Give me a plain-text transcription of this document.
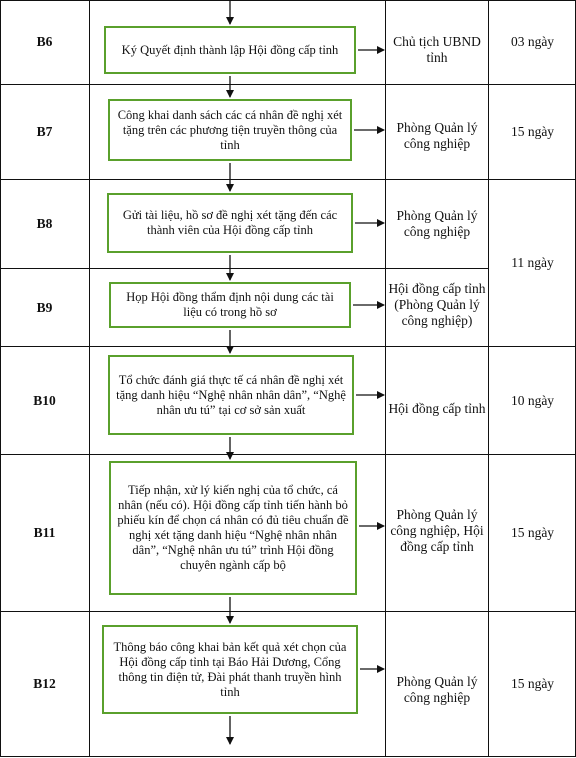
B6
B7
B8
B9
B10
B11
B12
Ký Quyết định thành lập Hội đồng cấp tỉnh
Công khai danh sách các cá nhân đề nghị xét tặng trên các phương tiện truyền thông của tỉnh
Gửi tài liệu, hồ sơ đề nghị xét tặng đến các thành viên của Hội đồng cấp tỉnh
Họp Hội đồng thẩm định nội dung các tài liệu có trong hồ sơ
Tổ chức đánh giá thực tế cá nhân đề nghị xét tặng danh hiệu “Nghệ nhân nhân dân”, “Nghệ nhân ưu tú” tại cơ sở sản xuất
Tiếp nhận, xử lý kiến nghị của tổ chức, cá nhân (nếu có). Hội đồng cấp tỉnh tiến hành bỏ phiếu kín để chọn cá nhân có đủ tiêu chuẩn đề nghị xét tặng danh hiệu “Nghệ nhân nhân dân”, “Nghệ nhân ưu tú” trình Hội đồng chuyên ngành cấp bộ
Thông báo công khai bản kết quả xét chọn của Hội đồng cấp tỉnh tại Báo Hải Dương, Cổng thông tin điện tử, Đài phát thanh truyền hình tỉnh
Chủ tịch UBND tỉnh
Phòng Quản lý công nghiệp
Phòng Quản lý công nghiệp
Hội đồng cấp tỉnh (Phòng Quản lý công nghiệp)
Hội đồng cấp tỉnh
Phòng Quản lý công nghiệp, Hội đồng cấp tỉnh
Phòng Quản lý công nghiệp
03 ngày
15 ngày
11 ngày
10 ngày
15 ngày
15 ngày
